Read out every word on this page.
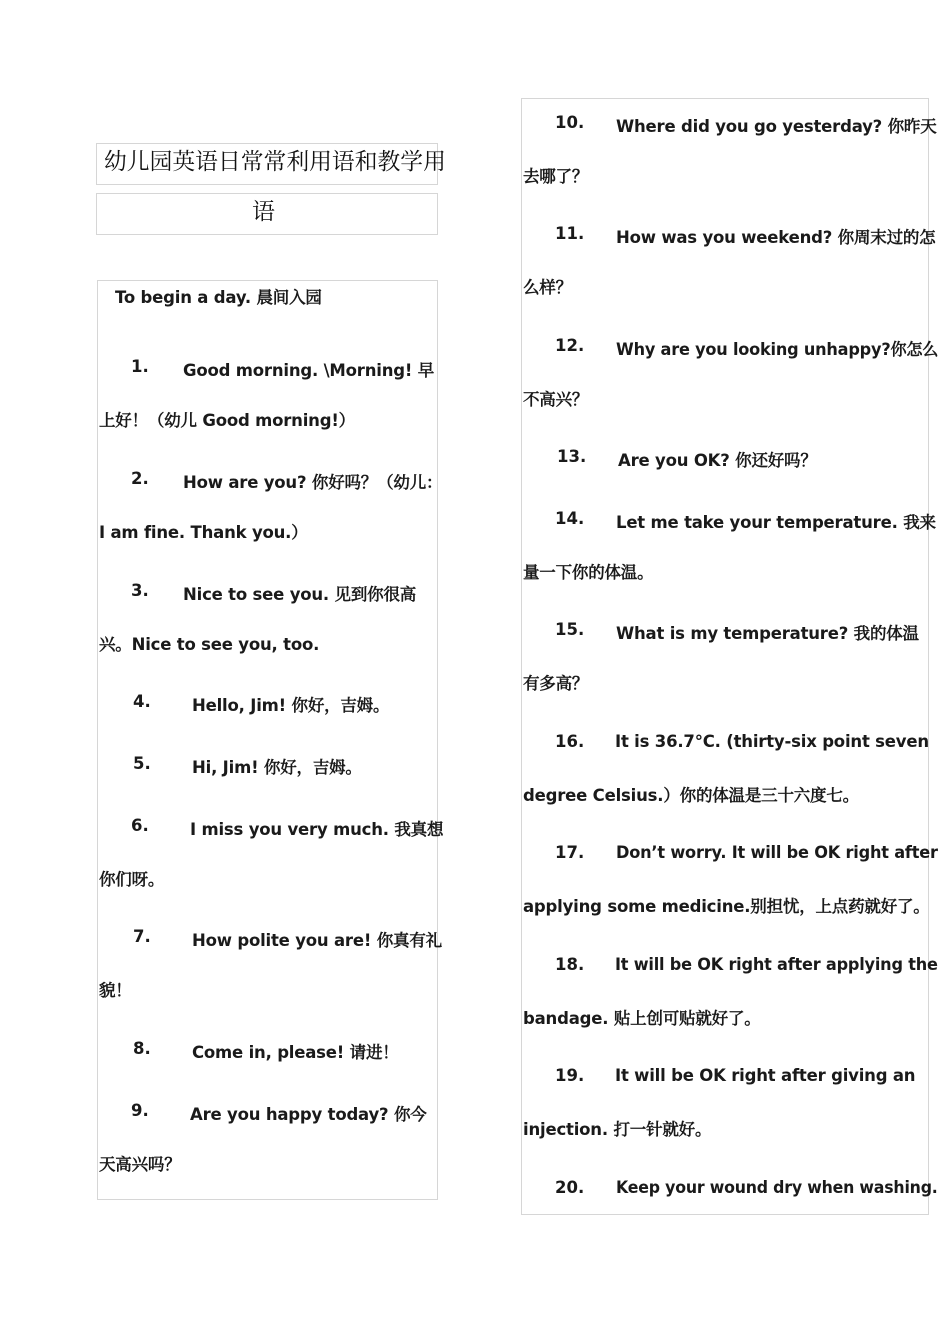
幼儿园英语日常常利用语和教学用
语
To begin a day. 晨间入园
1. Good morning. \Morning! 早
上好！（幼儿 Good morning!）
2. How are you? 你好吗？（幼儿：
I am fine. Thank you.）
3. Nice to see you. 见到你很高
兴。Nice to see you, too.
4.	Hello, Jim! 你好，吉姆。
5.	Hi, Jim! 你好，吉姆。
6.	I miss you very much. 我真想
你们呀。
7.	How polite you are! 你真有礼
貌！
8.	Come in, please! 请进！
9.	Are you happy today? 你今
天高兴吗？
10. Where did you go yesterday? 你昨天
去哪了？
11. How was you weekend? 你周末过的怎
么样？
12. Why are you looking unhappy?你怎么
不高兴？
13. Are you OK? 你还好吗？
14. Let me take your temperature. 我来
量一下你的体温。
15. What is my temperature? 我的体温
有多高？
16. It is 36.7°C. (thirty-six point seven
degree Celsius.）你的体温是三十六度七。
17. Don’t worry. It will be OK right after
applying some medicine.别担忧，上点药就好了。
18. It will be OK right after applying the
bandage. 贴上创可贴就好了。
19. It will be OK right after giving an
injection. 打一针就好。
20. Keep your wound dry when washing.
